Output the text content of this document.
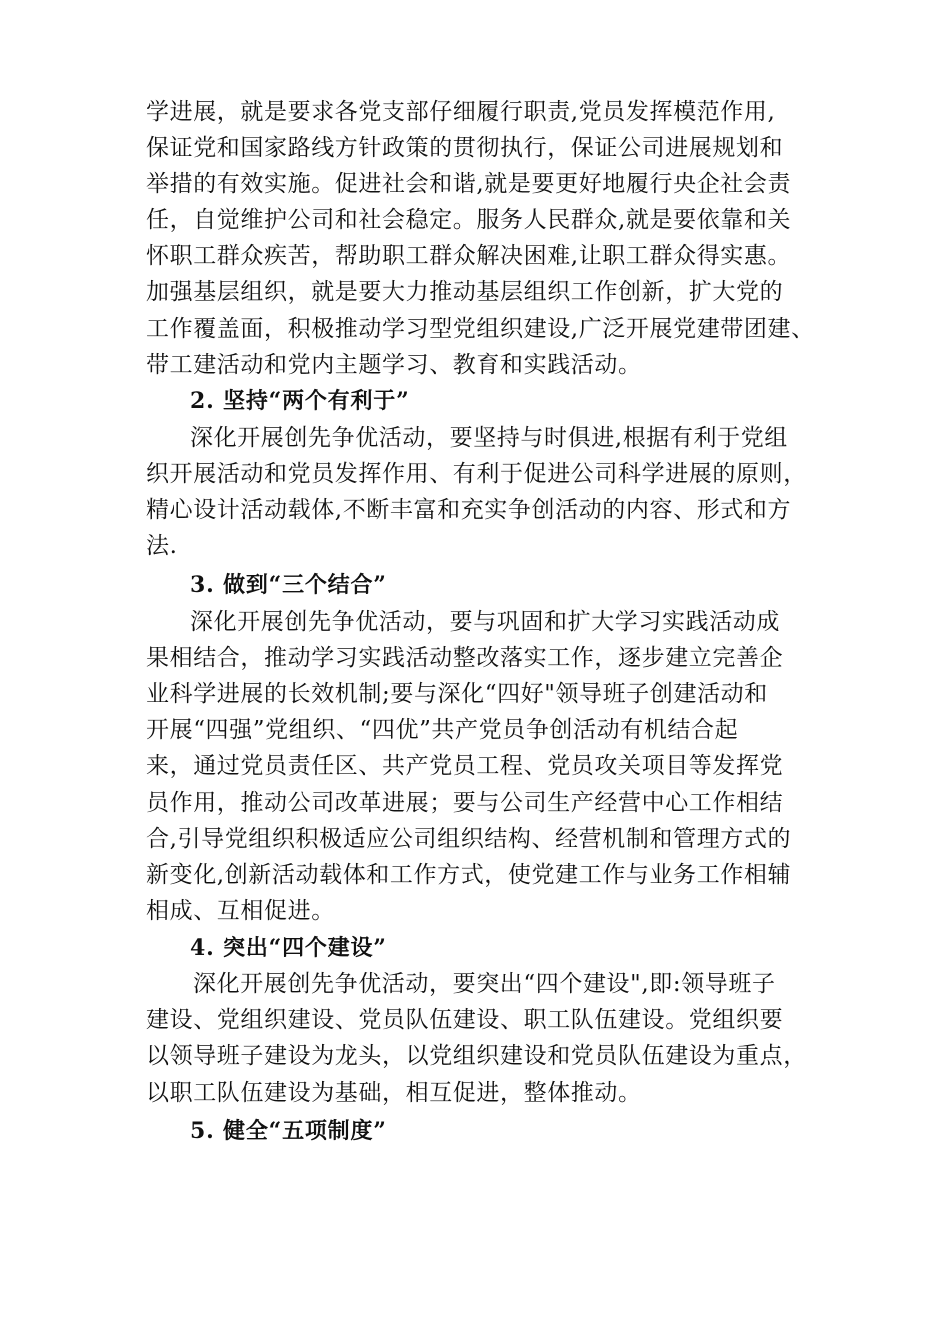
学进展，就是要求各党支部仔细履行职责,党员发挥模范作用,
保证党和国家路线方针政策的贯彻执行，保证公司进展规划和
举措的有效实施。促进社会和谐,就是要更好地履行央企社会责
任，自觉维护公司和社会稳定。服务人民群众,就是要依靠和关
怀职工群众疾苦，帮助职工群众解决困难,让职工群众得实惠。
加强基层组织，就是要大力推动基层组织工作创新，扩大党的
工作覆盖面，积极推动学习型党组织建设,广泛开展党建带团建、
带工建活动和党内主题学习、教育和实践活动。
2. 坚持“两个有利于”
深化开展创先争优活动，要坚持与时俱进,根据有利于党组
织开展活动和党员发挥作用、有利于促进公司科学进展的原则，
精心设计活动载体,不断丰富和充实争创活动的内容、形式和方
法.
3. 做到“三个结合”
深化开展创先争优活动，要与巩固和扩大学习实践活动成
果相结合，推动学习实践活动整改落实工作，逐步建立完善企
业科学进展的长效机制;要与深化“四好"领导班子创建活动和
开展“四强”党组织、“四优”共产党员争创活动有机结合起
来，通过党员责任区、共产党员工程、党员攻关项目等发挥党
员作用，推动公司改革进展；要与公司生产经营中心工作相结
合,引导党组织积极适应公司组织结构、经营机制和管理方式的
新变化,创新活动载体和工作方式，使党建工作与业务工作相辅
相成、互相促进。
4. 突出“四个建设”
深化开展创先争优活动，要突出“四个建设",即:领导班子
建设、党组织建设、党员队伍建设、职工队伍建设。党组织要
以领导班子建设为龙头，以党组织建设和党员队伍建设为重点，
以职工队伍建设为基础，相互促进，整体推动。
5. 健全“五项制度”
